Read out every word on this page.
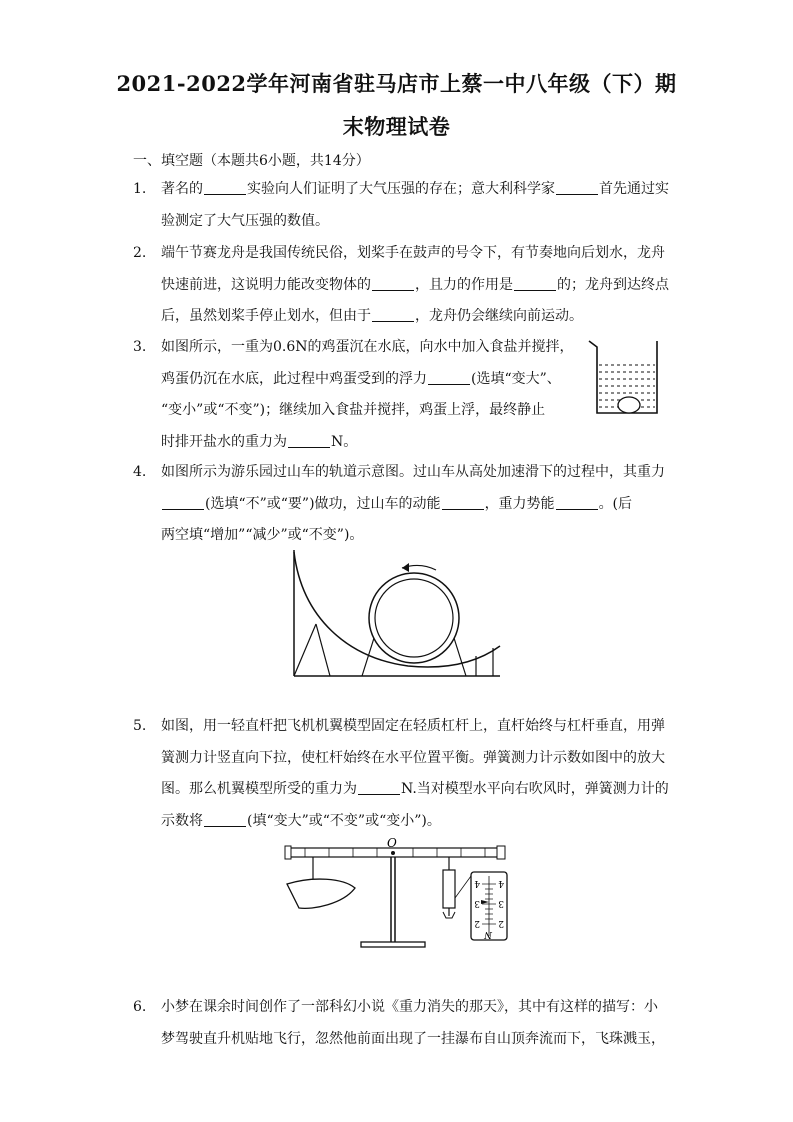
2021-2022学年河南省驻马店市上蔡一中八年级（下）期
末物理试卷
一、填空题（本题共6小题，共14分）
1.	著名的	实验向人们证明了大气压强的存在；意大利科学家	首先通过实
验测定了大气压强的数值。
2.	端午节赛龙舟是我国传统民俗，划桨手在鼓声的号令下，有节奏地向后划水，龙舟
快速前进，这说明力能改变物体的	，且力的作用是	的；龙舟到达终点
后，虽然划桨手停止划水，但由于	，龙舟仍会继续向前运动。
3.	如图所示，一重为0.6N的鸡蛋沉在水底，向水中加入食盐并搅拌，
鸡蛋仍沉在水底，此过程中鸡蛋受到的浮力	(选填“变大”、
“变小”或“不变”)；继续加入食盐并搅拌，鸡蛋上浮，最终静止
时排开盐水的重力为	N。
4.	如图所示为游乐园过山车的轨道示意图。过山车从高处加速滑下的过程中，其重力
(选填“不”或“要”)做功，过山车的动能	，重力势能	。(后
两空填“增加”“减少”或“不变”)。
5.	如图，用一轻直杆把飞机机翼模型固定在轻质杠杆上，直杆始终与杠杆垂直，用弹
簧测力计竖直向下拉，使杠杆始终在水平位置平衡。弹簧测力计示数如图中的放大
图。那么机翼模型所受的重力为	N.当对模型水平向右吹风时，弹簧测力计的
示数将	(填“变大”或“不变”或“变小”)。
6.	小梦在课余时间创作了一部科幻小说《重力消失的那天》，其中有这样的描写：小
梦驾驶直升机贴地飞行，忽然他前面出现了一挂瀑布自山顶奔流而下，飞珠溅玉，
O
4
3
2
4
3
2
N
